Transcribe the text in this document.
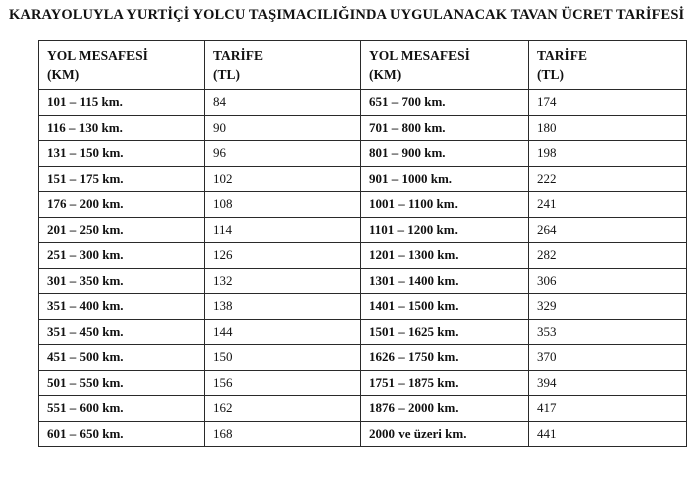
KARAYOLUYLA YURTİÇİ YOLCU TAŞIMACILIĞINDA UYGULANACAK TAVAN ÜCRET TARİFESİ
YOL MESAFESİ
(KM)	TARİFE
(TL)	YOL MESAFESİ
(KM)	TARİFE
(TL)

101 – 115 km.	84	651 – 700 km.	174
116 – 130 km.	90	701 – 800 km.	180
131 – 150 km.	96	801 – 900 km.	198
151 – 175 km.	102	901 – 1000 km.	222
176 – 200 km.	108	1001 – 1100 km.	241
201 – 250 km.	114	1101 – 1200 km.	264
251 – 300 km.	126	1201 – 1300 km.	282
301 – 350 km.	132	1301 – 1400 km.	306
351 – 400 km.	138	1401 – 1500 km.	329
351 – 450 km.	144	1501 – 1625 km.	353
451 – 500 km.	150	1626 – 1750 km.	370
501 – 550 km.	156	1751 – 1875 km.	394
551 – 600 km.	162	1876 – 2000 km.	417
601 – 650 km.	168	2000 ve üzeri km.	441
